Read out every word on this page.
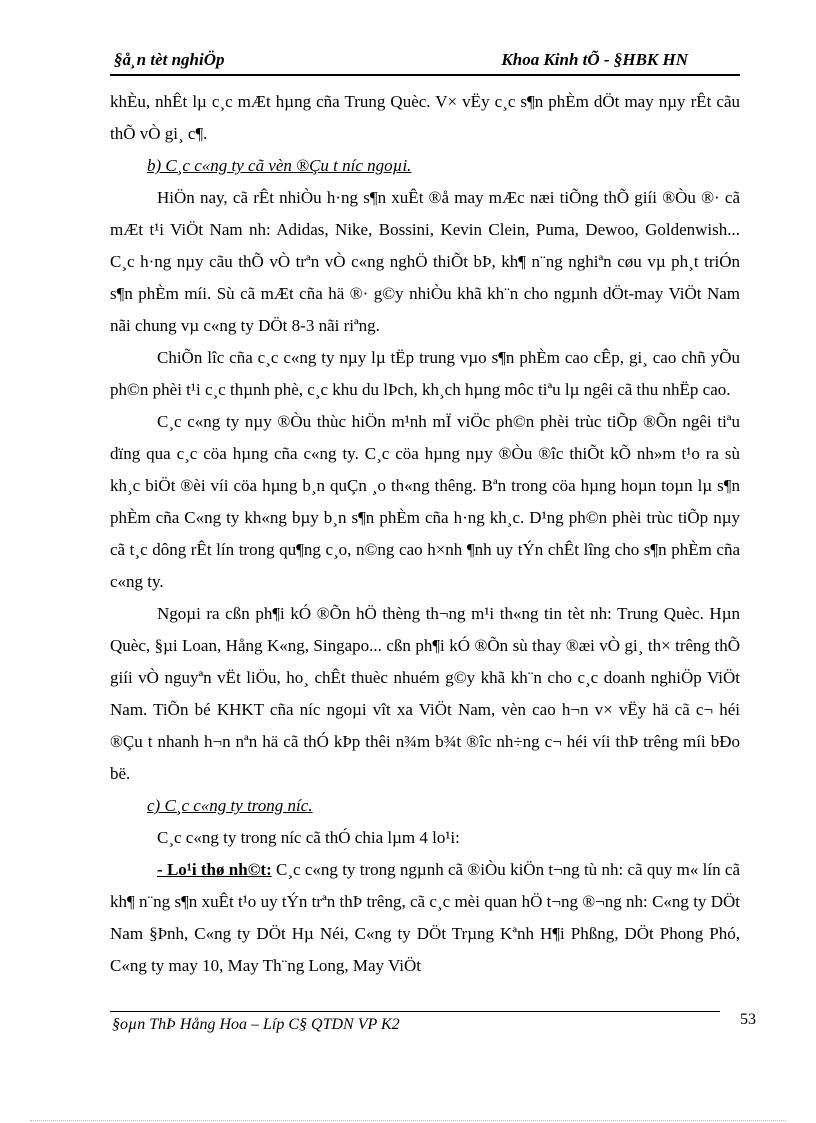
§å¸n tèt nghiÖp	Khoa Kinh tÕ - §HBK HN

khÈu, nhÊt lµ c¸c mÆt hµng cña Trung Quèc. V× vËy c¸c s¶n phÈm dÖt may nµy rÊt cãu thÕ vÒ gi¸ c¶.

b) C¸c c«ng ty cã vèn ®Çu t níc ngoµi.

HiÖn nay, cã rÊt nhiÒu h·ng s¶n xuÊt ®å may mÆc næi tiÕng thÕ giíi ®Òu ®· cã mÆt t¹i ViÖt Nam nh: Adidas, Nike, Bossini, Kevin Clein, Puma, Dewoo, Goldenwish... C¸c h·ng nµy cãu thÕ vÒ trªn vÒ c«ng nghÖ thiÕt bÞ, kh¶ n¨ng nghiªn cøu vµ ph¸t triÓn s¶n phÈm míi. Sù cã mÆt cña hä ®· g©y nhiÒu khã kh¨n cho ngµnh dÖt-may ViÖt Nam nãi chung vµ c«ng ty DÖt 8-3 nãi riªng.

ChiÕn lîc cña c¸c c«ng ty nµy lµ tËp trung vµo s¶n phÈm cao cÊp, gi¸ cao chñ yÕu ph©n phèi t¹i c¸c thµnh phè, c¸c khu du lÞch, kh¸ch hµng môc tiªu lµ ngêi cã thu nhËp cao.

C¸c c«ng ty nµy ®Òu thùc hiÖn m¹nh mÏ viÖc ph©n phèi trùc tiÕp ®Õn ngêi tiªu dïng qua c¸c cöa hµng cña c«ng ty. C¸c cöa hµng nµy ®Òu ®îc thiÕt kÕ nh»m t¹o ra sù kh¸c biÖt ®èi víi cöa hµng b¸n quÇn ¸o th«ng thêng. Bªn trong cöa hµng hoµn toµn lµ s¶n phÈm cña C«ng ty kh«ng bµy b¸n s¶n phÈm cña h·ng kh¸c. D¹ng ph©n phèi trùc tiÕp nµy cã t¸c dông rÊt lín trong qu¶ng c¸o, n©ng cao h×nh ¶nh uy tÝn chÊt lîng cho s¶n phÈm cña c«ng ty.

Ngoµi ra cßn ph¶i kÓ ®Õn hÖ thèng th¬ng m¹i th«ng tin tèt nh: Trung Quèc. Hµn Quèc, §µi Loan, Hång K«ng, Singapo... cßn ph¶i kÓ ®Õn sù thay ®æi vÒ gi¸ th× trêng thÕ giíi vÒ nguyªn vËt liÖu, ho¸ chÊt thuèc nhuém g©y khã kh¨n cho c¸c doanh nghiÖp ViÖt Nam. TiÕn bé KHKT cña níc ngoµi vît xa ViÖt Nam, vèn cao h¬n v× vËy hä cã c¬ héi ®Çu t nhanh h¬n nªn hä cã thÓ kÞp thêi n¾m b¾t ®îc nh÷ng c¬ héi víi thÞ trêng míi bÐo bë.

c) C¸c c«ng ty trong níc.

C¸c c«ng ty trong níc cã thÓ chia lµm 4 lo¹i:

- Lo¹i thø nh©t: C¸c c«ng ty trong ngµnh cã ®iÒu kiÖn t¬ng tù nh: cã quy m« lín cã kh¶ n¨ng s¶n xuÊt t¹o uy tÝn trªn thÞ trêng, cã c¸c mèi quan hÖ t¬ng ®¬ng nh: C«ng ty DÖt Nam §Þnh, C«ng ty DÖt Hµ Néi, C«ng ty DÖt Trµng Kªnh H¶i Phßng, DÖt Phong Phó, C«ng ty may 10, May Th¨ng Long, May ViÖt

§oµn ThÞ Hång Hoa – Líp C§ QTDN VP K2	53
